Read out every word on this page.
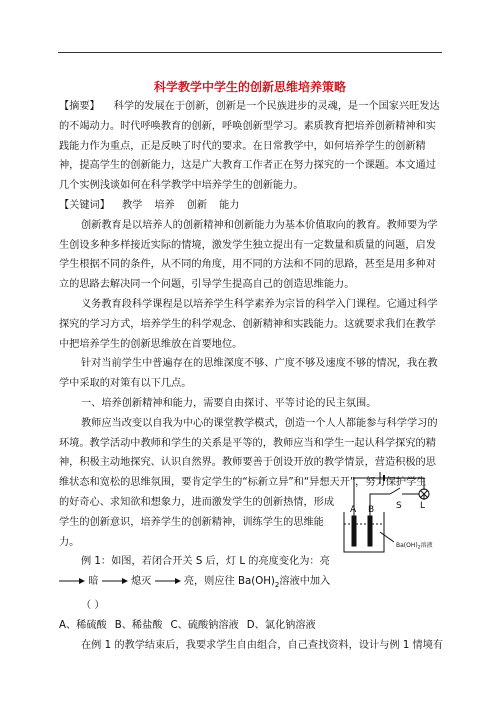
科学教学中学生的创新思维培养策略

【摘要】 科学的发展在于创新，创新是一个民族进步的灵魂，是一个国家兴旺发达

的不竭动力。时代呼唤教育的创新，呼唤创新型学习。素质教育把培养创新精神和实

践能力作为重点，正是反映了时代的要求。在日常教学中，如何培养学生的创新精

神，提高学生的创新能力，这是广大教育工作者正在努力探究的一个课题。本文通过

几个实例浅谈如何在科学教学中培养学生的创新能力。

【关键词】 教学 培养 创新 能力

创新教育是以培养人的创新精神和创新能力为基本价值取向的教育。教师要为学

生创设多种多样接近实际的情境，激发学生独立提出有一定数量和质量的问题，启发

学生根据不同的条件，从不同的角度，用不同的方法和不同的思路，甚至是用多种对

立的思路去解决同一个问题，引导学生提高自己的创造思维能力。

义务教育段科学课程是以培养学生科学素养为宗旨的科学入门课程。它通过科学

探究的学习方式，培养学生的科学观念、创新精神和实践能力。这就要求我们在教学

中把培养学生的创新思维放在首要地位。

针对当前学生中普遍存在的思维深度不够、广度不够及速度不够的情况，我在教

学中采取的对策有以下几点。

一、培养创新精神和能力，需要自由探讨、平等讨论的民主氛围。

教师应当改变以自我为中心的课堂教学模式，创造一个人人都能参与科学学习的

环境。教学活动中教师和学生的关系是平等的，教师应当和学生一起认科学探究的精

神，积极主动地探究、认识自然界。教师要善于创设开放的教学情景，营造积极的思

维状态和宽松的思维氛围，要肯定学生的“标新立异”和“异想天开”，努力保护学生

的好奇心、求知欲和想象力，进而激发学生的创新热情，形成

学生的创新意识，培养学生的创新精神，训练学生的思维能

力。

例 1：如图，若闭合开关 S 后，灯 L 的亮度变化为：亮

暗	熄灭	亮，则应往 $Ba(OH)_2$溶液中加入

（ ）

A、稀硫酸 B、稀盐酸 C、硫酸钠溶液 D、氯化钠溶液

在例 1 的教学结束后，我要求学生自由组合，自己查找资料，设计与例 1 情境有

A B S L
$Ba(OH)_2$溶液
